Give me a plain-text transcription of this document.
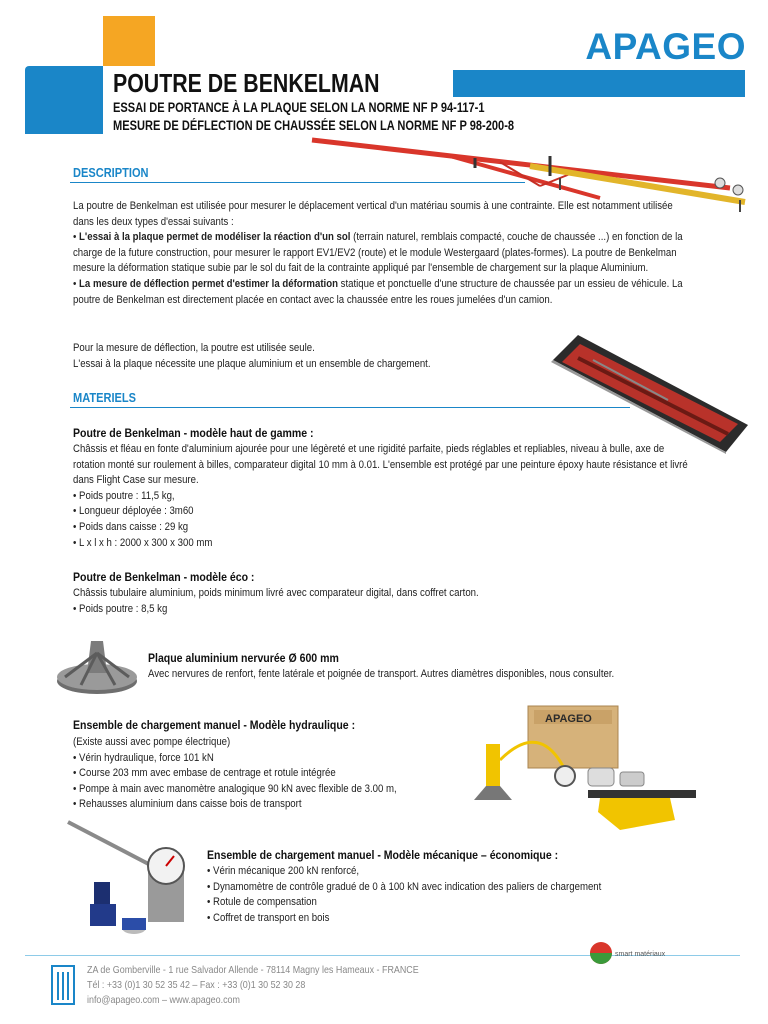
APAGEO
POUTRE DE BENKELMAN
ESSAI DE PORTANCE À LA PLAQUE SELON LA NORME NF P 94-117-1
MESURE DE DÉFLECTION DE CHAUSSÉE SELON LA NORME NF P 98-200-8
DESCRIPTION

La poutre de Benkelman est utilisée pour mesurer le déplacement vertical d'un matériau soumis à une contrainte. Elle est notamment utilisée dans les deux types d'essai suivants :

• L'essai à la plaque permet de modéliser la réaction d'un sol (terrain naturel, remblais compacté, couche de chaussée ...) en fonction de la charge de la future construction, pour mesurer le rapport EV1/EV2 (route) et le module Westergaard (plates-formes). La poutre de Benkelman mesure la déformation statique subie par le sol du fait de la contrainte appliqué par l'ensemble de chargement sur la plaque Aluminium.

• La mesure de déflection permet d'estimer la déformation statique et ponctuelle d'une structure de chaussée par un essieu de véhicule. La poutre de Benkelman est directement placée en contact avec la chaussée entre les roues jumelées d'un camion.

Pour la mesure de déflection, la poutre est utilisée seule.

L'essai à la plaque nécessite une plaque aluminium et un ensemble de chargement.

MATERIELS
Poutre de Benkelman - modèle haut de gamme :

Châssis et fléau en fonte d'aluminium ajourée pour une légèreté et une rigidité parfaite, pieds réglables et repliables, niveau à bulle, axe de rotation monté sur roulement à billes, comparateur digital 10 mm à 0.01. L'ensemble est protégé par une peinture époxy haute résistance et livré dans Flight Case sur mesure.

• Poids poutre : 11,5 kg,
• Longueur déployée : 3m60
• Poids dans caisse : 29 kg
• L x l x h : 2000 x 300 x 300 mm
Poutre de Benkelman - modèle éco :

Châssis tubulaire aluminium, poids minimum livré avec comparateur digital, dans coffret carton.

• Poids poutre : 8,5 kg
Plaque aluminium nervurée Ø 600 mm
Avec nervures de renfort, fente latérale et poignée de transport. Autres diamètres disponibles, nous consulter.
Ensemble de chargement manuel - Modèle hydraulique :

(Existe aussi avec pompe électrique)

• Vérin hydraulique, force 101 kN
• Course 203 mm avec embase de centrage et rotule intégrée
• Pompe à main avec manomètre analogique 90 kN avec flexible de 3.00 m,
• Rehausses aluminium dans caisse bois de transport
APAGEO
Ensemble de chargement manuel - Modèle mécanique – économique :
• Vérin mécanique 200 kN renforcé,
• Dynamomètre de contrôle gradué de 0 à 100 kN avec indication des paliers de chargement
• Rotule de compensation
• Coffret de transport en bois
ZA de Gomberville - 1 rue Salvador Allende - 78114 Magny les Hameaux - FRANCE
Tél : +33 (0)1 30 52 35 42 – Fax : +33 (0)1 30 52 30 28
info@apageo.com – www.apageo.com
smart matériaux
